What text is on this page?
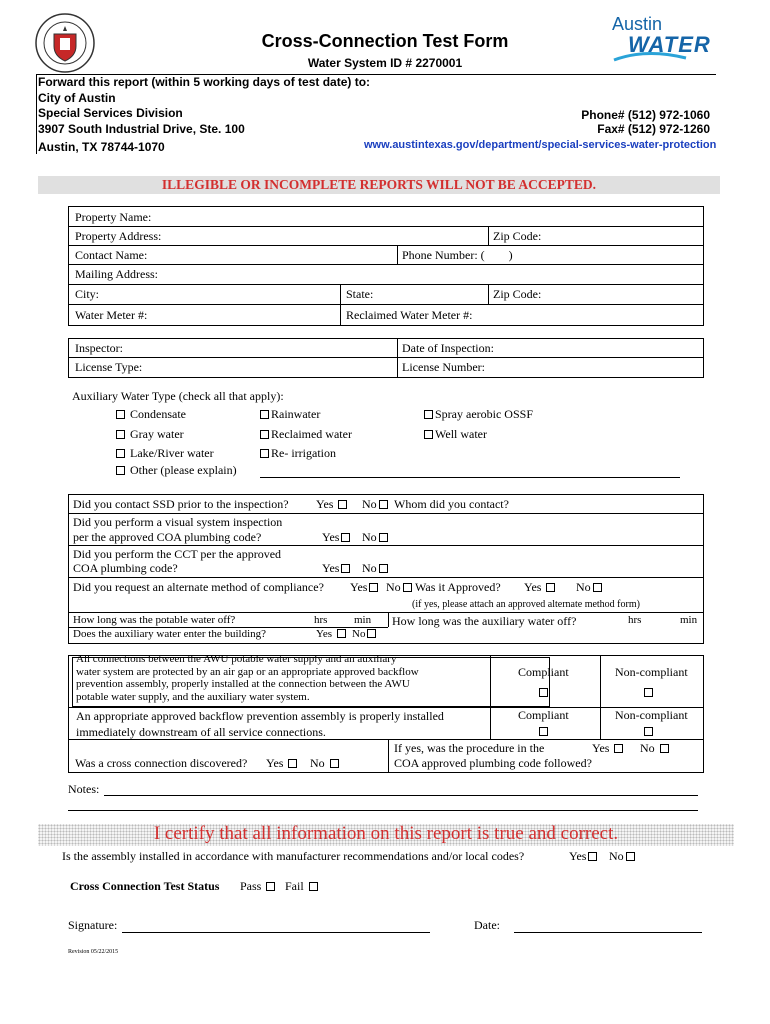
Cross-Connection Test Form
Water System ID # 2270001
Austin
WATER
Forward this report (within 5 working days of test date) to:
City of Austin
Special Services Division
3907 South Industrial Drive, Ste. 100
Austin, TX 78744-1070
Phone# (512) 972-1060
Fax# (512) 972-1260
www.austintexas.gov/department/special-services-water-protection
ILLEGIBLE OR INCOMPLETE REPORTS WILL NOT BE ACCEPTED.
Property Name:
Property Address:	Zip Code:
Contact Name:	Phone Number: (        )
Mailing Address:
City:	State:	Zip Code:
Water Meter #:	Reclaimed Water Meter #:
Inspector:	Date of Inspection:
License Type:	License Number:
Auxiliary Water Type (check all that apply):
Condensate	Rainwater	Spray aerobic OSSF
Gray water	Reclaimed water	Well water
Lake/River water	Re- irrigation
Other (please explain)
Did you contact SSD prior to the inspection? Yes	No	Whom did you contact?
Did you perform a visual system inspection
per the approved COA plumbing code?	Yes	No
Did you perform the CCT per the approved
COA plumbing code?	Yes	No
Did you request an alternate method of compliance? Yes	No	Was it Approved? Yes	No
(if yes, please attach an approved alternate method form)
How long was the potable water off?	hrs min How long was the auxiliary water off?	hrs	min
Does the auxiliary water enter the building?	Yes	No
All connections between the AWU potable water supply and an auxiliary
water system are protected by an air gap or an appropriate approved backflow
prevention assembly, properly installed at the connection between the AWU
potable water supply, and the auxiliary water system.
Compliant	Non-compliant
An appropriate approved backflow prevention assembly is properly installed
immediately downstream of all service connections.
Compliant	Non-compliant
Was a cross connection discovered? Yes	No
If yes, was the procedure in the
COA approved plumbing code followed?
Yes	No
Notes:
I certify that all information on this report is true and correct.
Is the assembly installed in accordance with manufacturer recommendations and/or local codes?	Yes	No
Cross Connection Test Status Pass	Fail
Signature:	Date:
Revision 05/22/2015
